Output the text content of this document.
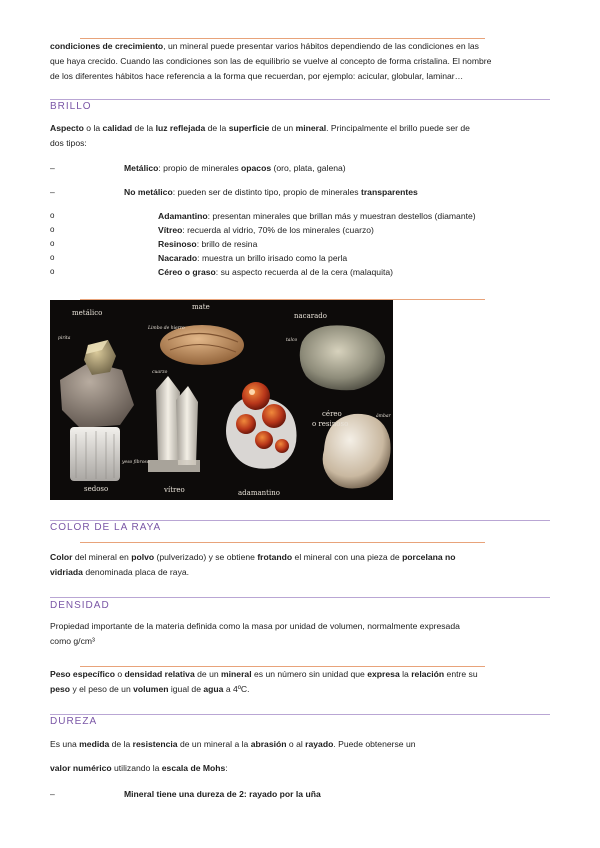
condiciones de crecimiento, un mineral puede presentar varios hábitos dependiendo de las condiciones en las
que haya crecido. Cuando las condiciones son las de equilibrio se vuelve al concepto de forma cristalina. El nombre
de los diferentes hábitos hace referencia a la forma que recuerdan, por ejemplo: acicular, globular, laminar…
BRILLO
Aspecto o la calidad de la luz reflejada de la superficie de un mineral. Principalmente el brillo puede ser de
dos tipos:
–	Metálico: propio de minerales opacos (oro, plata, galena)
–	No metálico: pueden ser de distinto tipo, propio de minerales transparentes
o	Adamantino: presentan minerales que brillan más y muestran destellos (diamante)
o	Vítreo: recuerda al vidrio, 70% de los minerales (cuarzo)
o	Resinoso: brillo de resina
o	Nacarado: muestra un brillo irisado como la perla
o	Céreo o graso: su aspecto recuerda al de la cera (malaquita)
metálico
mate
nacarado
sedoso	vítreo	adamantino
céreo
o resinoso
pirita
Limbo de hierro
talco
cuarzo
yeso fibroso
ámbar
COLOR DE LA RAYA
Color del mineral en polvo (pulverizado) y se obtiene frotando el mineral con una pieza de porcelana no
vidriada denominada placa de raya.
DENSIDAD
Propiedad importante de la materia definida como la masa por unidad de volumen, normalmente expresada
como g/cm³
Peso específico o densidad relativa de un mineral es un número sin unidad que expresa la relación entre su
peso y el peso de un volumen igual de agua a 4ºC.
DUREZA
Es una medida de la resistencia de un mineral a la abrasión o al rayado. Puede obtenerse un
valor numérico utilizando la escala de Mohs:
–	Mineral tiene una dureza de 2: rayado por la uña
